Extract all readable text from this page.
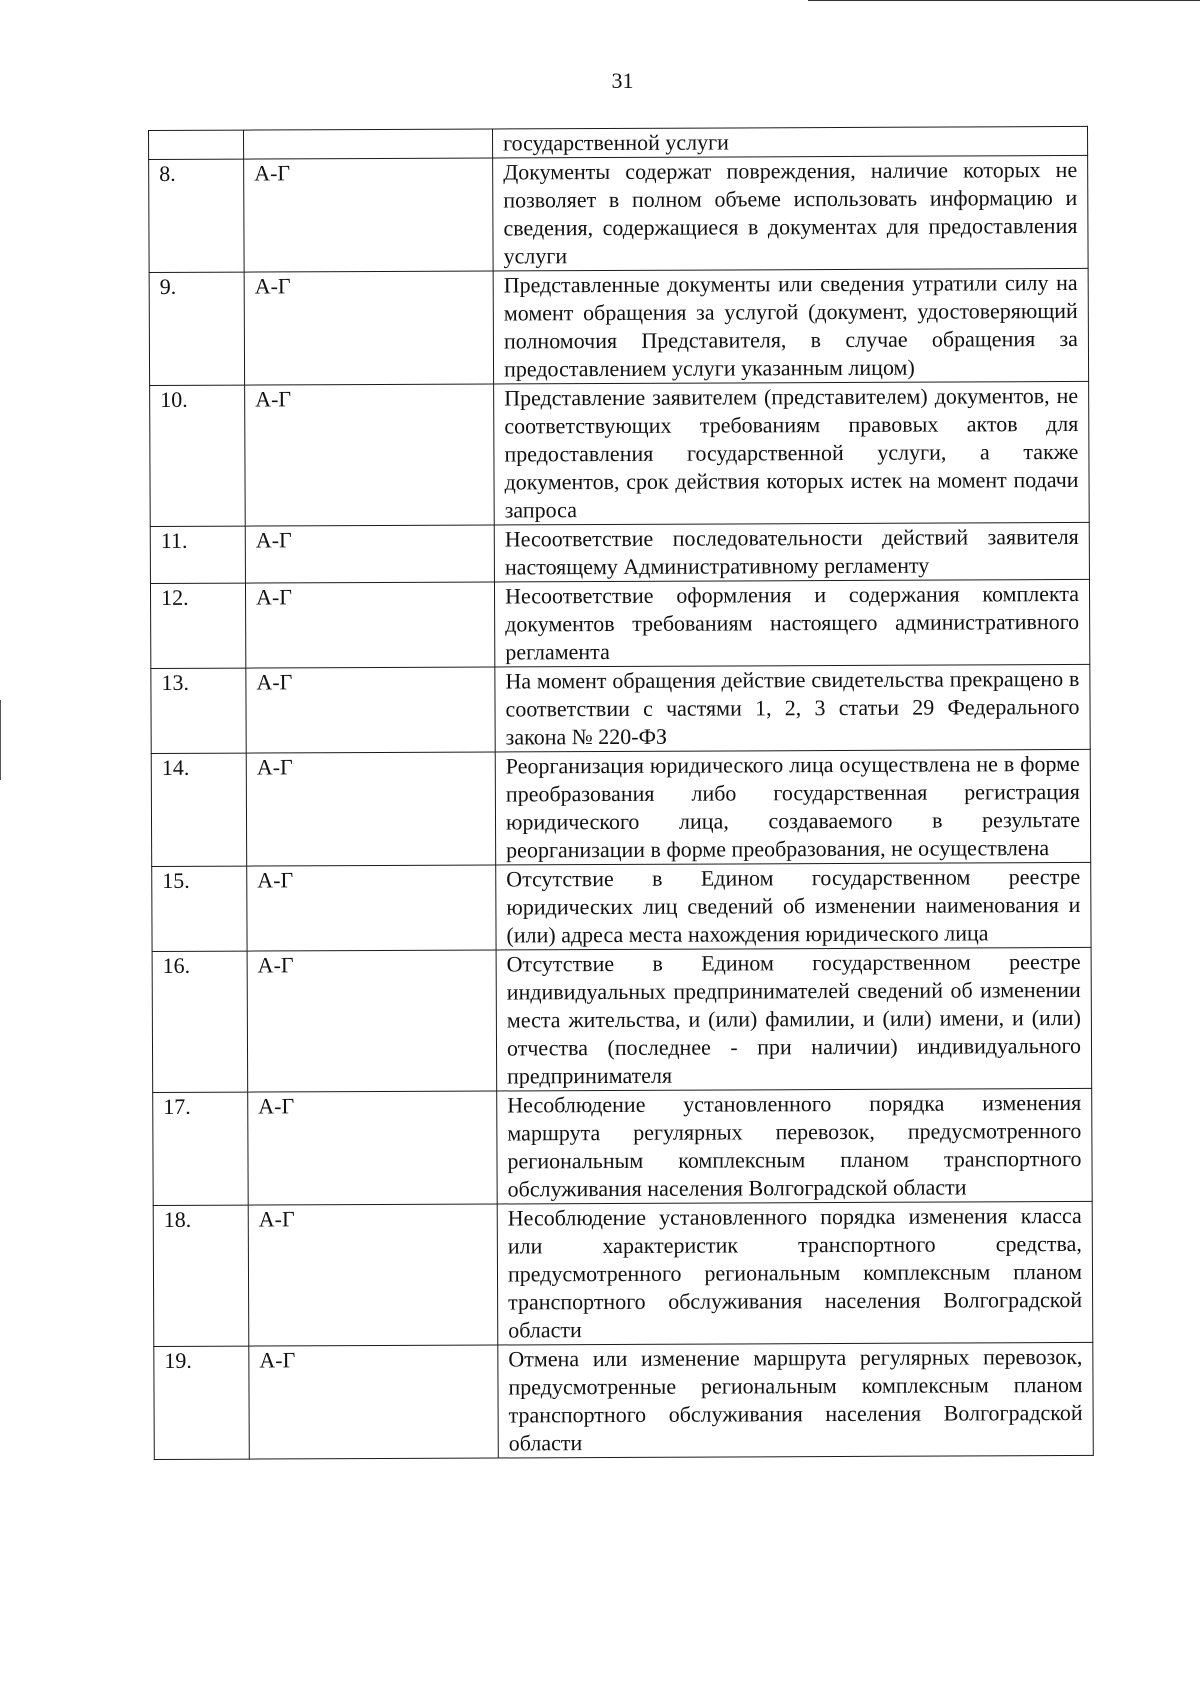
31
		государственной услуги
8.	А-Г	Документы содержат повреждения, наличие которых не позволяет в полном объеме использовать информацию и сведения, содержащиеся в документах для предоставления услуги
9.	А-Г	Представленные документы или сведения утратили силу на момент обращения за услугой (документ, удостоверяющий полномочия Представителя, в случае обращения за предоставлением услуги указанным лицом)
10.	А-Г	Представление заявителем (представителем) документов, не соответствующих требованиям правовых актов для предоставления государственной услуги, а также документов, срок действия которых истек на момент подачи запроса
11.	А-Г	Несоответствие последовательности действий заявителя настоящему Административному регламенту
12.	А-Г	Несоответствие оформления и содержания комплекта документов требованиям настоящего административного регламента
13.	А-Г	На момент обращения действие свидетельства прекращено в соответствии с частями 1, 2, 3 статьи 29 Федерального закона № 220-ФЗ
14.	А-Г	Реорганизация юридического лица осуществлена не в форме преобразования либо государственная регистрация юридического лица, создаваемого в результате реорганизации в форме преобразования, не осуществлена
15.	А-Г	Отсутствие в Едином государственном реестре юридических лиц сведений об изменении наименования и (или) адреса места нахождения юридического лица
16.	А-Г	Отсутствие в Едином государственном реестре индивидуальных предпринимателей сведений об изменении места жительства, и (или) фамилии, и (или) имени, и (или) отчества (последнее - при наличии) индивидуального предпринимателя
17.	А-Г	Несоблюдение установленного порядка изменения маршрута регулярных перевозок, предусмотренного региональным комплексным планом транспортного обслуживания населения Волгоградской области
18.	А-Г	Несоблюдение установленного порядка изменения класса или характеристик транспортного средства, предусмотренного региональным комплексным планом транспортного обслуживания населения Волгоградской области
19.	А-Г	Отмена или изменение маршрута регулярных перевозок, предусмотренные региональным комплексным планом транспортного обслуживания населения Волгоградской области
